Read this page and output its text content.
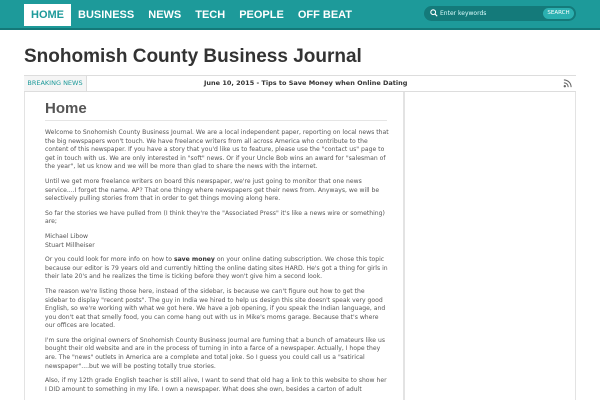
HOME	BUSINESS	NEWS	TECH	PEOPLE	OFF BEAT
Enter keywords	SEARCH
Snohomish County Business Journal
BREAKING NEWS	June 10, 2015 - Tips to Save Money when Online Dating
Home

Welcome to Snohomish County Business Journal. We are a local independent paper, reporting on local news that the big newspapers won't touch. We have freelance writers from all across America who contribute to the content of this newspaper. If you have a story that you'd like us to feature, please use the "contact us" page to get in touch with us. We are only interested in "soft" news. Or if your Uncle Bob wins an award for "salesman of the year", let us know and we will be more than glad to share the news with the internet.

Until we get more freelance writers on board this newspaper, we're just going to monitor that one news service....I forget the name. AP? That one thingy where newspapers get their news from. Anyways, we will be selectively pulling stories from that in order to get things moving along here.

So far the stories we have pulled from (I think they're the "Associated Press" it's like a news wire or something) are;

Michael Libow
Stuart Millheiser

Or you could look for more info on how to save money on your online dating subscription. We chose this topic because our editor is 79 years old and currently hitting the online dating sites HARD. He's got a thing for girls in their late 20's and he realizes the time is ticking before they won't give him a second look.

The reason we're listing those here, instead of the sidebar, is because we can't figure out how to get the sidebar to display "recent posts". The guy in India we hired to help us design this site doesn't speak very good English, so we're working with what we got here. We have a job opening, if you speak the Indian language, and you don't eat that smelly food, you can come hang out with us in Mike's moms garage. Because that's where our offices are located.

I'm sure the original owners of Snohomish County Business Journal are fuming that a bunch of amateurs like us bought their old website and are in the process of turning in into a farce of a newspaper. Actually, I hope they are. The "news" outlets in America are a complete and total joke. So I guess you could call us a "satirical newspaper"....but we will be posting totally true stories.

Also, if my 12th grade English teacher is still alive, I want to send that old hag a link to this website to show her I DID amount to something in my life. I own a newspaper. What does she own, besides a carton of adult
